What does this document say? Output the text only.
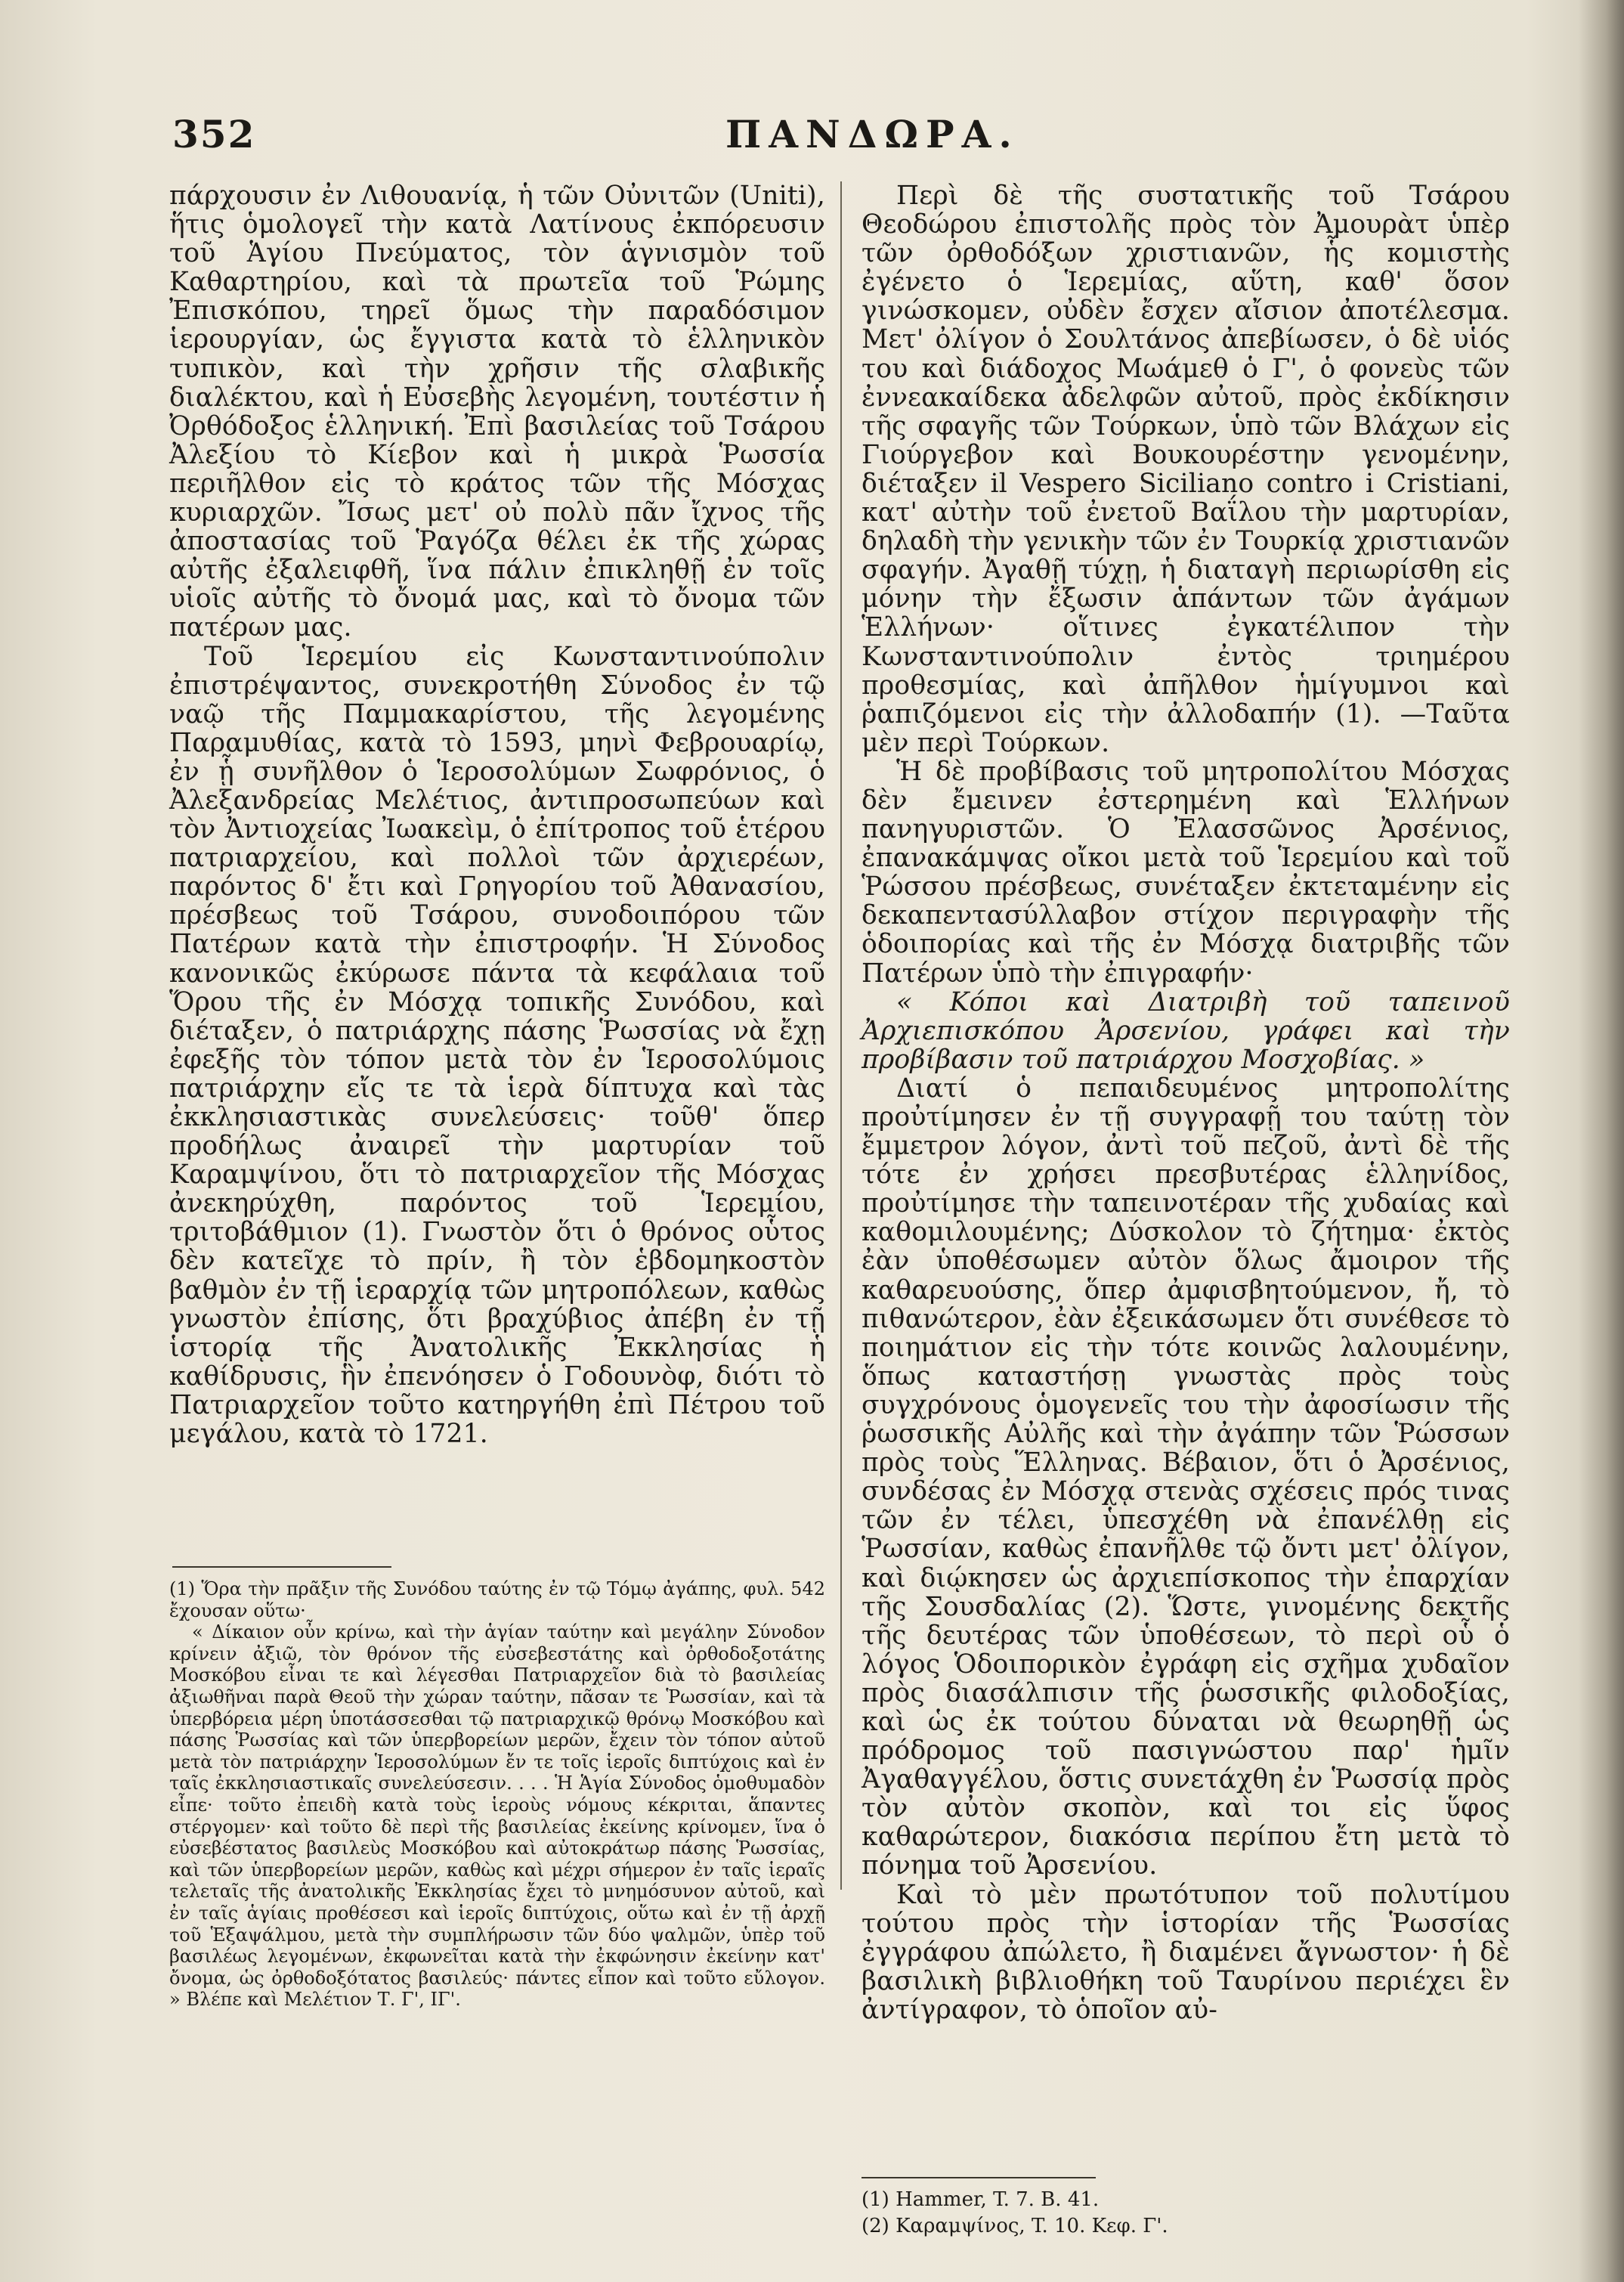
352	ΠΑΝΔΩΡΑ.

πάρχουσιν ἐν Λιθουανίᾳ, ἡ τῶν Οὐνιτῶν (Uniti), ἥτις ὁμολογεῖ τὴν κατὰ Λατίνους ἐκπόρευσιν τοῦ Ἁγίου Πνεύματος, τὸν ἁγνισμὸν τοῦ Καθαρτηρίου, καὶ τὰ πρωτεῖα τοῦ Ῥώμης Ἐπισκόπου, τηρεῖ ὅμως τὴν παραδόσιμον ἱερουργίαν, ὡς ἔγγιστα κατὰ τὸ ἑλληνικὸν τυπικὸν, καὶ τὴν χρῆσιν τῆς σλαβικῆς διαλέκτου, καὶ ἡ Εὐσεβὴς λεγομένη, τουτέστιν ἡ Ὀρθόδοξος ἑλληνική. Ἐπὶ βασιλείας τοῦ Τσάρου Ἀλεξίου τὸ Κίεβον καὶ ἡ μικρὰ Ῥωσσία περιῆλθον εἰς τὸ κράτος τῶν τῆς Μόσχας κυριαρχῶν. Ἴσως μετ' οὐ πολὺ πᾶν ἴχνος τῆς ἀποστασίας τοῦ Ῥαγόζα θέλει ἐκ τῆς χώρας αὐτῆς ἐξαλειφθῆ, ἵνα πάλιν ἐπικληθῇ ἐν τοῖς υἱοῖς αὐτῆς τὸ ὄνομά μας, καὶ τὸ ὄνομα τῶν πατέρων μας.

Τοῦ Ἱερεμίου εἰς Κωνσταντινούπολιν ἐπιστρέψαντος, συνεκροτήθη Σύνοδος ἐν τῷ ναῷ τῆς Παμμακαρίστου, τῆς λεγομένης Παραμυθίας, κατὰ τὸ 1593, μηνὶ Φεβρουαρίῳ, ἐν ᾗ συνῆλθον ὁ Ἱεροσολύμων Σωφρόνιος, ὁ Ἀλεξανδρείας Μελέτιος, ἀντιπροσωπεύων καὶ τὸν Ἀντιοχείας Ἰωακεὶμ, ὁ ἐπίτροπος τοῦ ἑτέρου πατριαρχείου, καὶ πολλοὶ τῶν ἀρχιερέων, παρόντος δ' ἔτι καὶ Γρηγορίου τοῦ Ἀθανασίου, πρέσβεως τοῦ Τσάρου, συνοδοιπόρου τῶν Πατέρων κατὰ τὴν ἐπιστροφήν. Ἡ Σύνοδος κανονικῶς ἐκύρωσε πάντα τὰ κεφάλαια τοῦ Ὅρου τῆς ἐν Μόσχᾳ τοπικῆς Συνόδου, καὶ διέταξεν, ὁ πατριάρχης πάσης Ῥωσσίας νὰ ἔχῃ ἐφεξῆς τὸν τόπον μετὰ τὸν ἐν Ἱεροσολύμοις πατριάρχην εἴς τε τὰ ἱερὰ δίπτυχα καὶ τὰς ἐκκλησιαστικὰς συνελεύσεις· τοῦθ' ὅπερ προδήλως ἀναιρεῖ τὴν μαρτυρίαν τοῦ Καραμψίνου, ὅτι τὸ πατριαρχεῖον τῆς Μόσχας ἀνεκηρύχθη, παρόντος τοῦ Ἱερεμίου, τριτοβάθμιον (1). Γνωστὸν ὅτι ὁ θρόνος οὗτος δὲν κατεῖχε τὸ πρίν, ἢ τὸν ἑβδομηκοστὸν βαθμὸν ἐν τῇ ἱεραρχίᾳ τῶν μητροπόλεων, καθὼς γνωστὸν ἐπίσης, ὅτι βραχύβιος ἀπέβη ἐν τῇ ἱστορίᾳ τῆς Ἀνατολικῆς Ἐκκλησίας ἡ καθίδρυσις, ἣν ἐπενόησεν ὁ Γοδουνὸφ, διότι τὸ Πατριαρχεῖον τοῦτο κατηργήθη ἐπὶ Πέτρου τοῦ μεγάλου, κατὰ τὸ 1721.

(1) Ὅρα τὴν πρᾶξιν τῆς Συνόδου ταύτης ἐν τῷ Τόμῳ ἀγάπης, φυλ. 542 ἔχουσαν οὕτω·

« Δίκαιον οὖν κρίνω, καὶ τὴν ἁγίαν ταύτην καὶ μεγάλην Σύνοδον κρίνειν ἀξιῶ, τὸν θρόνον τῆς εὐσεβεστάτης καὶ ὀρθοδοξοτάτης Μοσκόβου εἶναι τε καὶ λέγεσθαι Πατριαρχεῖον διὰ τὸ βασιλείας ἀξιωθῆναι παρὰ Θεοῦ τὴν χώραν ταύτην, πᾶσαν τε Ῥωσσίαν, καὶ τὰ ὑπερβόρεια μέρη ὑποτάσσεσθαι τῷ πατριαρχικῷ θρόνῳ Μοσκόβου καὶ πάσης Ῥωσσίας καὶ τῶν ὑπερβορείων μερῶν, ἔχειν τὸν τόπον αὐτοῦ μετὰ τὸν πατριάρχην Ἱεροσολύμων ἔν τε τοῖς ἱεροῖς διπτύχοις καὶ ἐν ταῖς ἐκκλησιαστικαῖς συνελεύσεσιν. . . . Ἡ Ἁγία Σύνοδος ὁμοθυμαδὸν εἶπε· τοῦτο ἐπειδὴ κατὰ τοὺς ἱεροὺς νόμους κέκριται, ἅπαντες στέργομεν· καὶ τοῦτο δὲ περὶ τῆς βασιλείας ἐκείνης κρίνομεν, ἵνα ὁ εὐσεβέστατος βασιλεὺς Μοσκόβου καὶ αὐτοκράτωρ πάσης Ῥωσσίας, καὶ τῶν ὑπερβορείων μερῶν, καθὼς καὶ μέχρι σήμερον ἐν ταῖς ἱεραῖς τελεταῖς τῆς ἀνατολικῆς Ἐκκλησίας ἔχει τὸ μνημόσυνον αὐτοῦ, καὶ ἐν ταῖς ἁγίαις προθέσεσι καὶ ἱεροῖς διπτύχοις, οὕτω καὶ ἐν τῇ ἀρχῇ τοῦ Ἑξαψάλμου, μετὰ τὴν συμπλήρωσιν τῶν δύο ψαλμῶν, ὑπὲρ τοῦ βασιλέως λεγομένων, ἐκφωνεῖται κατὰ τὴν ἐκφώνησιν ἐκείνην κατ' ὄνομα, ὡς ὀρθοδοξότατος βασιλεύς· πάντες εἶπον καὶ τοῦτο εὔλογον. » Βλέπε καὶ Μελέτιον Τ. Γ', ΙΓ'.

Περὶ δὲ τῆς συστατικῆς τοῦ Τσάρου Θεοδώρου ἐπιστολῆς πρὸς τὸν Ἀμουρὰτ ὑπὲρ τῶν ὀρθοδόξων χριστιανῶν, ἧς κομιστὴς ἐγένετο ὁ Ἱερεμίας, αὕτη, καθ' ὅσον γινώσκομεν, οὐδὲν ἔσχεν αἴσιον ἀποτέλεσμα. Μετ' ὀλίγον ὁ Σουλτάνος ἀπεβίωσεν, ὁ δὲ υἱός του καὶ διάδοχος Μωάμεθ ὁ Γ', ὁ φονεὺς τῶν ἐννεακαίδεκα ἀδελφῶν αὐτοῦ, πρὸς ἐκδίκησιν τῆς σφαγῆς τῶν Τούρκων, ὑπὸ τῶν Βλάχων εἰς Γιούργεβον καὶ Βουκουρέστην γενομένην, διέταξεν il Vespero Siciliano contro i Cristiani, κατ' αὐτὴν τοῦ ἐνετοῦ Βαΐλου τὴν μαρτυρίαν, δηλαδὴ τὴν γενικὴν τῶν ἐν Τουρκίᾳ χριστιανῶν σφαγήν. Ἀγαθῇ τύχῃ, ἡ διαταγὴ περιωρίσθη εἰς μόνην τὴν ἔξωσιν ἁπάντων τῶν ἀγάμων Ἑλλήνων· οἵτινες ἐγκατέλιπον τὴν Κωνσταντινούπολιν ἐντὸς τριημέρου προθεσμίας, καὶ ἀπῆλθον ἡμίγυμνοι καὶ ῥαπιζόμενοι εἰς τὴν ἀλλοδαπήν (1). —Ταῦτα μὲν περὶ Τούρκων.

Ἡ δὲ προβίβασις τοῦ μητροπολίτου Μόσχας δὲν ἔμεινεν ἐστερημένη καὶ Ἑλλήνων πανηγυριστῶν. Ὁ Ἐλασσῶνος Ἀρσένιος, ἐπανακάμψας οἴκοι μετὰ τοῦ Ἱερεμίου καὶ τοῦ Ῥώσσου πρέσβεως, συνέταξεν ἐκτεταμένην εἰς δεκαπεντασύλλαβον στίχον περιγραφὴν τῆς ὁδοιπορίας καὶ τῆς ἐν Μόσχᾳ διατριβῆς τῶν Πατέρων ὑπὸ τὴν ἐπιγραφήν·

« Κόποι καὶ Διατριβὴ τοῦ ταπεινοῦ Ἀρχιεπισκόπου Ἀρσενίου, γράφει καὶ τὴν προβίβασιν τοῦ πατριάρχου Μοσχοβίας. »

Διατί ὁ πεπαιδευμένος μητροπολίτης προὐτίμησεν ἐν τῇ συγγραφῇ του ταύτῃ τὸν ἔμμετρον λόγον, ἀντὶ τοῦ πεζοῦ, ἀντὶ δὲ τῆς τότε ἐν χρήσει πρεσβυτέρας ἑλληνίδος, προὐτίμησε τὴν ταπεινοτέραν τῆς χυδαίας καὶ καθομιλουμένης; Δύσκολον τὸ ζήτημα· ἐκτὸς ἐὰν ὑποθέσωμεν αὐτὸν ὅλως ἄμοιρον τῆς καθαρευούσης, ὅπερ ἀμφισβητούμενον, ἤ, τὸ πιθανώτερον, ἐὰν ἐξεικάσωμεν ὅτι συνέθεσε τὸ ποιημάτιον εἰς τὴν τότε κοινῶς λαλουμένην, ὅπως καταστήσῃ γνωστὰς πρὸς τοὺς συγχρόνους ὁμογενεῖς του τὴν ἀφοσίωσιν τῆς ῥωσσικῆς Αὐλῆς καὶ τὴν ἀγάπην τῶν Ῥώσσων πρὸς τοὺς Ἕλληνας. Βέβαιον, ὅτι ὁ Ἀρσένιος, συνδέσας ἐν Μόσχᾳ στενὰς σχέσεις πρός τινας τῶν ἐν τέλει, ὑπεσχέθη νὰ ἐπανέλθῃ εἰς Ῥωσσίαν, καθὼς ἐπανῆλθε τῷ ὄντι μετ' ὀλίγον, καὶ διῴκησεν ὡς ἀρχιεπίσκοπος τὴν ἐπαρχίαν τῆς Σουσδαλίας (2). Ὥστε, γινομένης δεκτῆς τῆς δευτέρας τῶν ὑποθέσεων, τὸ περὶ οὗ ὁ λόγος Ὁδοιπορικὸν ἐγράφη εἰς σχῆμα χυδαῖον πρὸς διασάλπισιν τῆς ῥωσσικῆς φιλοδοξίας, καὶ ὡς ἐκ τούτου δύναται νὰ θεωρηθῇ ὡς πρόδρομος τοῦ πασιγνώστου παρ' ἡμῖν Ἀγαθαγγέλου, ὅστις συνετάχθη ἐν Ῥωσσίᾳ πρὸς τὸν αὐτὸν σκοπὸν, καὶ τοι εἰς ὕφος καθαρώτερον, διακόσια περίπου ἔτη μετὰ τὸ πόνημα τοῦ Ἀρσενίου.

Καὶ τὸ μὲν πρωτότυπον τοῦ πολυτίμου τούτου πρὸς τὴν ἱστορίαν τῆς Ῥωσσίας ἐγγράφου ἀπώλετο, ἢ διαμένει ἄγνωστον· ἡ δὲ βασιλικὴ βιβλιοθήκη τοῦ Ταυρίνου περιέχει ἓν ἀντίγραφον, τὸ ὁποῖον αὐ-

(1) Hammer, T. 7. B. 41.

(2) Καραμψίνος, T. 10. Κεφ. Γ'.
